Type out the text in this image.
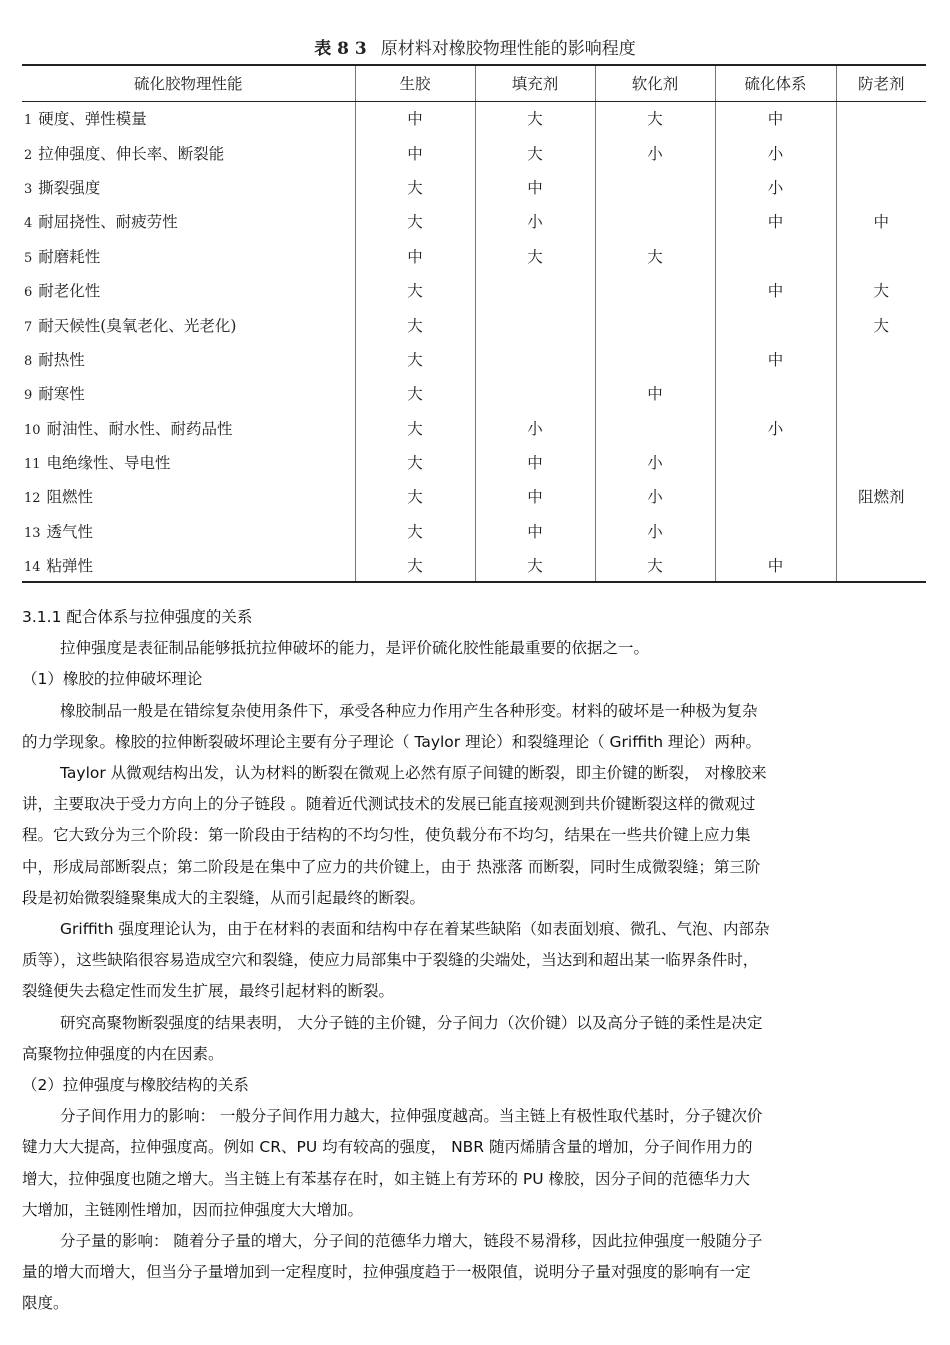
表 8 3 原材料对橡胶物理性能的影响程度
硫化胶物理性能	生胶	填充剂	软化剂	硫化体系	防老剂
1 硬度、弹性模量	中	大	大	中	
2 拉伸强度、伸长率、断裂能	中	大	小	小	
3 撕裂强度	大	中		小	
4 耐屈挠性、耐疲劳性	大	小		中	中
5 耐磨耗性	中	大	大		
6 耐老化性	大			中	大
7 耐天候性(臭氧老化、光老化)	大				大
8 耐热性	大			中	
9 耐寒性	大		中		
10 耐油性、耐水性、耐药品性	大	小		小	
11 电绝缘性、导电性	大	中	小		
12 阻燃性	大	中	小		阻燃剂
13 透气性	大	中	小		
14 粘弹性	大	大	大	中	

3.1.1 配合体系与拉伸强度的关系

拉伸强度是表征制品能够抵抗拉伸破坏的能力，是评价硫化胶性能最重要的依据之一。

（1）橡胶的拉伸破坏理论

橡胶制品一般是在错综复杂使用条件下，承受各种应力作用产生各种形变。材料的破坏是一种极为复杂

的力学现象。橡胶的拉伸断裂破坏理论主要有分子理论（ Taylor 理论）和裂缝理论（ Griffith 理论）两种。

Taylor 从微观结构出发，认为材料的断裂在微观上必然有原子间键的断裂，即主价键的断裂， 对橡胶来

讲，主要取决于受力方向上的分子链段 。随着近代测试技术的发展已能直接观测到共价键断裂这样的微观过

程。它大致分为三个阶段：第一阶段由于结构的不均匀性，使负载分布不均匀，结果在一些共价键上应力集

中，形成局部断裂点；第二阶段是在集中了应力的共价键上，由于 热涨落 而断裂，同时生成微裂缝；第三阶

段是初始微裂缝聚集成大的主裂缝，从而引起最终的断裂。

Griffith 强度理论认为，由于在材料的表面和结构中存在着某些缺陷（如表面划痕、微孔、气泡、内部杂

质等），这些缺陷很容易造成空穴和裂缝，使应力局部集中于裂缝的尖端处，当达到和超出某一临界条件时，

裂缝便失去稳定性而发生扩展，最终引起材料的断裂。

研究高聚物断裂强度的结果表明， 大分子链的主价键，分子间力（次价键）以及高分子链的柔性是决定

高聚物拉伸强度的内在因素。

（2）拉伸强度与橡胶结构的关系

分子间作用力的影响： 一般分子间作用力越大，拉伸强度越高。当主链上有极性取代基时，分子键次价

键力大大提高，拉伸强度高。例如 CR、PU 均有较高的强度， NBR 随丙烯腈含量的增加，分子间作用力的

增大，拉伸强度也随之增大。当主链上有苯基存在时，如主链上有芳环的 PU 橡胶，因分子间的范德华力大

大增加，主链刚性增加，因而拉伸强度大大增加。

分子量的影响： 随着分子量的增大，分子间的范德华力增大，链段不易滑移，因此拉伸强度一般随分子

量的增大而增大，但当分子量增加到一定程度时，拉伸强度趋于一极限值，说明分子量对强度的影响有一定

限度。
